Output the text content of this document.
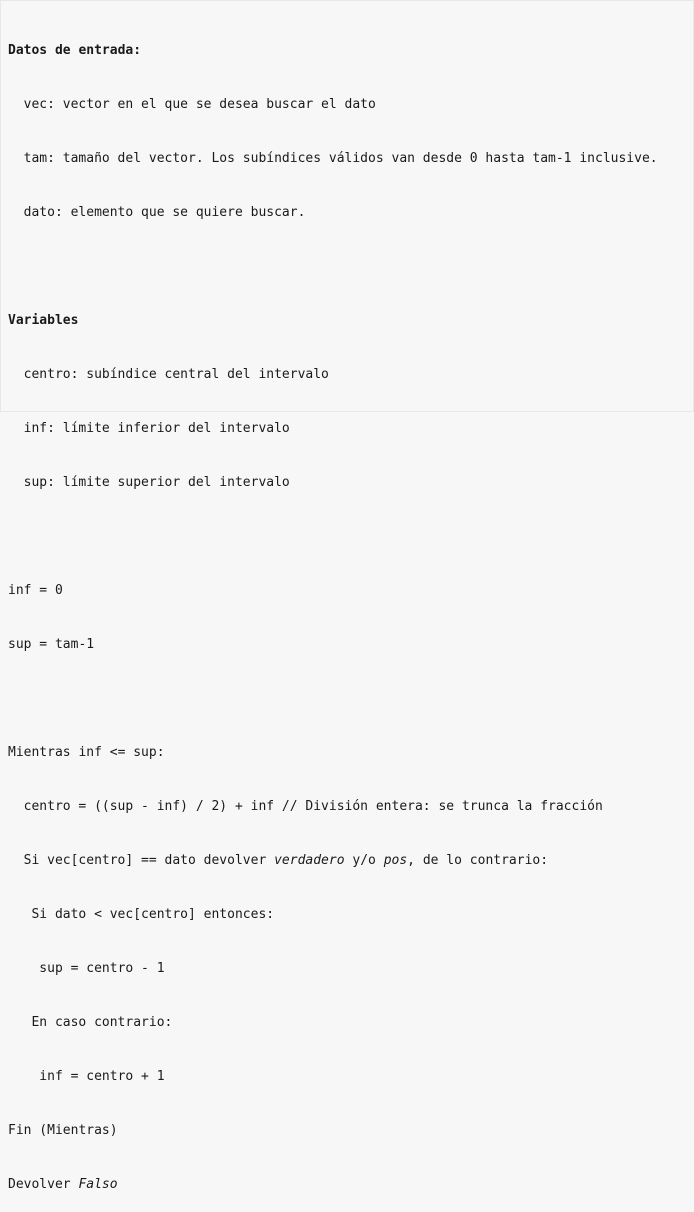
Datos de entrada:

vec: vector en el que se desea buscar el dato

tam: tamaño del vector. Los subíndices válidos van desde 0 hasta tam-1 inclusive.

dato: elemento que se quiere buscar.

Variables

centro: subíndice central del intervalo

inf: límite inferior del intervalo

sup: límite superior del intervalo

inf = 0

sup = tam-1

Mientras inf <= sup:

centro = ((sup - inf) / 2) + inf // División entera: se trunca la fracción

Si vec[centro] == dato devolver verdadero y/o pos, de lo contrario:

Si dato < vec[centro] entonces:

sup = centro - 1

En caso contrario:

inf = centro + 1

Fin (Mientras)

Devolver Falso
